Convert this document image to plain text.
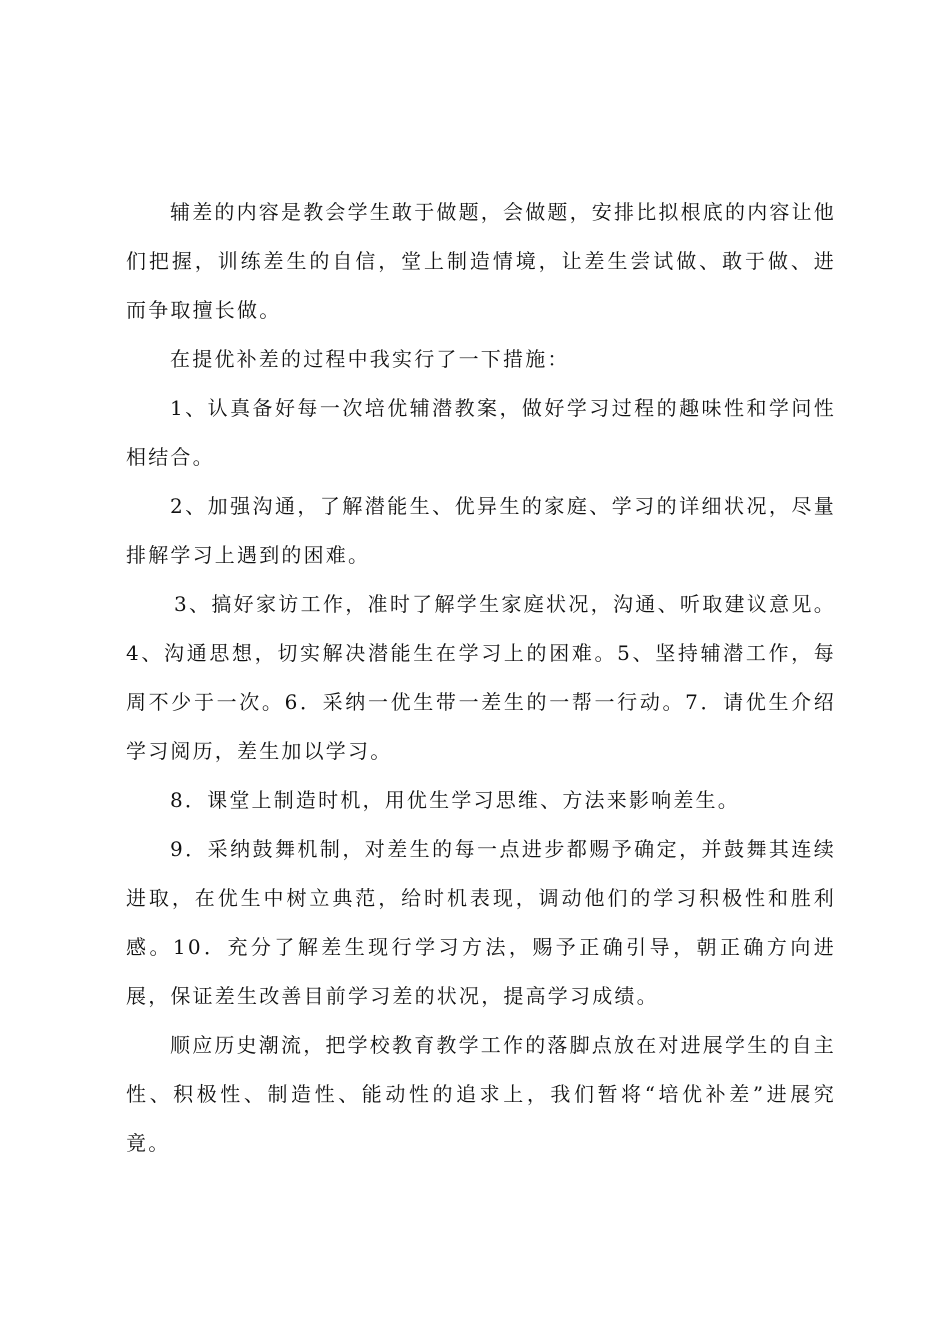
辅差的内容是教会学生敢于做题，会做题，安排比拟根底的内容让他们把握，训练差生的自信，堂上制造情境，让差生尝试做、敢于做、进而争取擅长做。

在提优补差的过程中我实行了一下措施：

1、认真备好每一次培优辅潜教案，做好学习过程的趣味性和学问性相结合。

2、加强沟通，了解潜能生、优异生的家庭、学习的详细状况，尽量排解学习上遇到的困难。

3、搞好家访工作，准时了解学生家庭状况，沟通、听取建议意见。4、沟通思想，切实解决潜能生在学习上的困难。5、坚持辅潜工作，每周不少于一次。6．采纳一优生带一差生的一帮一行动。7．请优生介绍学习阅历，差生加以学习。

8．课堂上制造时机，用优生学习思维、方法来影响差生。

9．采纳鼓舞机制，对差生的每一点进步都赐予确定，并鼓舞其连续进取，在优生中树立典范，给时机表现，调动他们的学习积极性和胜利感。10．充分了解差生现行学习方法，赐予正确引导，朝正确方向进展，保证差生改善目前学习差的状况，提高学习成绩。

顺应历史潮流，把学校教育教学工作的落脚点放在对进展学生的自主性、积极性、制造性、能动性的追求上，我们暂将“培优补差”进展究竟。
